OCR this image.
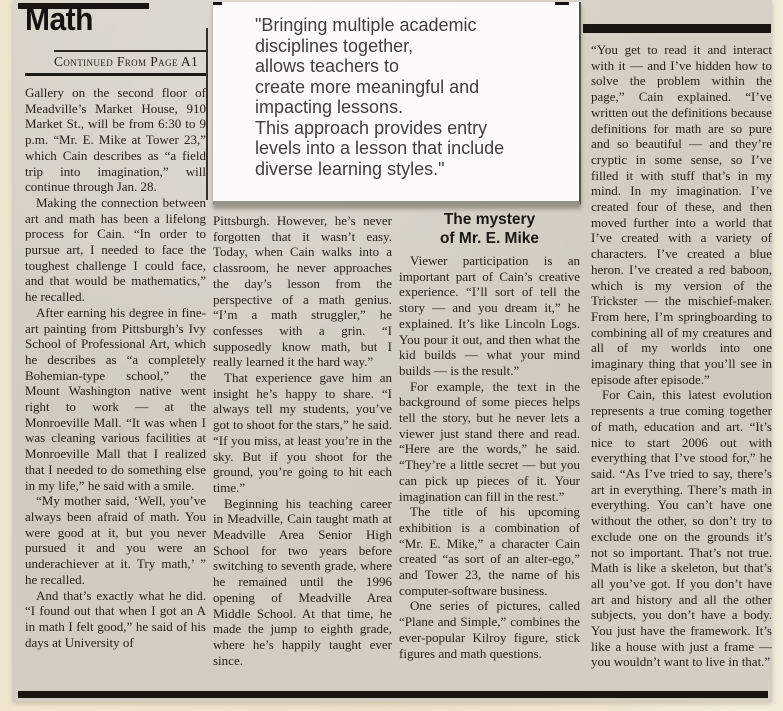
Math
Continued From Page A1

Gallery on the second floor of Meadville’s Market House, 910 Market St., will be from 6:30 to 9 p.m. “Mr. E. Mike at Tower 23,” which Cain describes as “a field trip into imagination,” will continue through Jan. 28.

Making the connection between art and math has been a lifelong process for Cain. “In order to pursue art, I needed to face the toughest challenge I could face, and that would be mathematics,” he recalled.

After earning his degree in fine-art painting from Pittsburgh’s Ivy School of Professional Art, which he describes as “a completely Bohemian-type school,” the Mount Washington native went right to work — at the Monroeville Mall. “It was when I was cleaning various facilities at Monroeville Mall that I realized that I needed to do something else in my life,” he said with a smile.

“My mother said, ‘Well, you’ve always been afraid of math. You were good at it, but you never pursued it and you were an underachiever at it. Try math,’ ” he recalled.

And that’s exactly what he did. “I found out that when I got an A in math I felt good,” he said of his days at University of

"Bringing multiple academic
disciplines together,
allows teachers to
create more meaningful and
impacting lessons.
This approach provides entry
levels into a lesson that include
diverse learning styles."

Pittsburgh. However, he’s never forgotten that it wasn’t easy. Today, when Cain walks into a classroom, he never approaches the day’s lesson from the perspective of a math genius. “I’m a math struggler,” he confesses with a grin. “I supposedly know math, but I really learned it the hard way.”

That experience gave him an insight he’s happy to share. “I always tell my students, you’ve got to shoot for the stars,” he said. “If you miss, at least you’re in the sky. But if you shoot for the ground, you’re going to hit each time.”

Beginning his teaching career in Meadville, Cain taught math at Meadville Area Senior High School for two years before switching to seventh grade, where he remained until the 1996 opening of Meadville Area Middle School. At that time, he made the jump to eighth grade, where he’s happily taught ever since.

The mystery
of Mr. E. Mike

Viewer participation is an important part of Cain’s creative experience. “I’ll sort of tell the story — and you dream it,” he explained. It’s like Lincoln Logs. You pour it out, and then what the kid builds — what your mind builds — is the result.”

For example, the text in the background of some pieces helps tell the story, but he never lets a viewer just stand there and read. “Here are the words,” he said. “They’re a little secret — but you can pick up pieces of it. Your imagination can fill in the rest.”

The title of his upcoming exhibition is a combination of “Mr. E. Mike,” a character Cain created “as sort of an alter-ego,” and Tower 23, the name of his computer-software business.

One series of pictures, called “Plane and Simple,” combines the ever-popular Kilroy figure, stick figures and math questions.

“You get to read it and interact with it — and I’ve hidden how to solve the problem within the page,” Cain explained. “I’ve written out the definitions because definitions for math are so pure and so beautiful — and they’re cryptic in some sense, so I’ve filled it with stuff that’s in my mind. In my imagination. I’ve created four of these, and then moved further into a world that I’ve created with a variety of characters. I’ve created a blue heron. I’ve created a red baboon, which is my version of the Trickster — the mischief-maker. From here, I’m springboarding to combining all of my creatures and all of my worlds into one imaginary thing that you’ll see in episode after episode.”

For Cain, this latest evolution represents a true coming together of math, education and art. “It’s nice to start 2006 out with everything that I’ve stood for,” he said. “As I’ve tried to say, there’s art in everything. There’s math in everything. You can’t have one without the other, so don’t try to exclude one on the grounds it’s not so important. That’s not true. Math is like a skeleton, but that’s all you’ve got. If you don’t have art and history and all the other subjects, you don’t have a body. You just have the framework. It’s like a house with just a frame — you wouldn’t want to live in that.”
